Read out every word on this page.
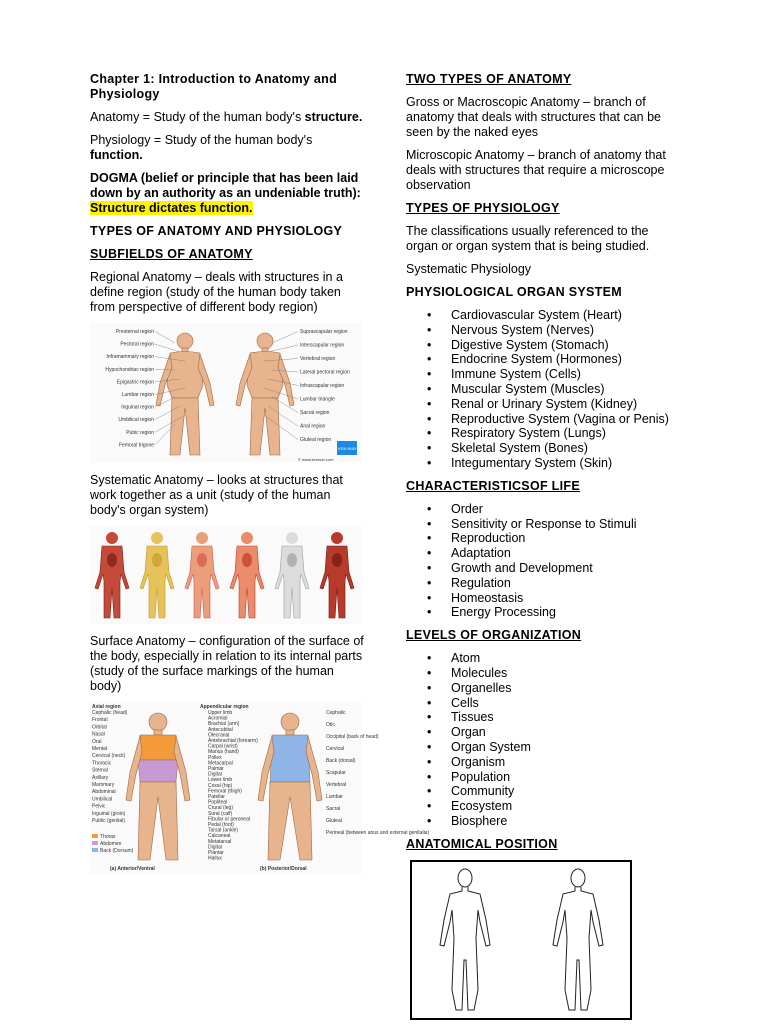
Chapter 1: Introduction to Anatomy and Physiology

Anatomy = Study of the human body's structure.

Physiology = Study of the human body's function.

DOGMA (belief or principle that has been laid down by an authority as an undeniable truth): Structure dictates function.

TYPES OF ANATOMY AND PHYSIOLOGY

SUBFIELDS OF ANATOMY

Regional Anatomy – deals with structures in a define region (study of the human body taken from perspective of different body region)

Presternal region
Pectoral region
Inframammary region
Hypochondriac region
Epigastric region
Lumbar region
Inguinal region
Umbilical region
Pubic region
Femoral trigone
Suprascapular region
Interscapular region
Vertebral region
Lateral pectoral region
Infrascapular region
Lumbar triangle
Sacral region
Anal region
Gluteal region
KEN HUB
© www.kenhub.com

Systematic Anatomy – looks at structures that work together as a unit (study of the human body's organ system)

Surface Anatomy – configuration of the surface of the body, especially in relation to its internal parts (study of the surface markings of the human body)

Axial region	Appendicular region
Cephalic (head)
Frontal
Orbital
Nasal
Oral
Mental
Cervical (neck)
Thoracic
Sternal
Axillary
Mammary
Abdominal
Umbilical
Pelvic
Inguinal (groin)
Public (genital)
Upper limb
Acromial
Brachial (arm)
Antecubital
Olecranal
Antebrachial (forearm)
Carpal (wrist)
Manus (hand)
Pollex
Metacarpal
Palmar
Digital
Lower limb
Coxal (hip)
Femoral (thigh)
Patellar
Popliteal
Crural (leg)
Sural (calf)
Fibular or peroneal
Pedal (foot)
Tarsal (ankle)
Calcaneal
Metatarsal
Digital
Plantar
Hallux
Cephalic
Otic
Occipital (back of head)
Cervical
Back (dorsal)
Scapular
Vertebral
Lumbar
Sacral
Gluteal
Perineal (between anus and external genitalia)
Thorax
Abdomen
Back (Dorsum)
(a) Anterior/Ventral	(b) Posterior/Dorsal

TWO TYPES OF ANATOMY

Gross or Macroscopic Anatomy – branch of anatomy that deals with structures that can be seen by the naked eyes

Microscopic Anatomy – branch of anatomy that deals with structures that require a microscope observation

TYPES OF PHYSIOLOGY

The classifications usually referenced to the organ or organ system that is being studied.

Systematic Physiology

PHYSIOLOGICAL ORGAN SYSTEM

• Cardiovascular System (Heart)
• Nervous System (Nerves)
• Digestive System (Stomach)
• Endocrine System (Hormones)
• Immune System (Cells)
• Muscular System (Muscles)
• Renal or Urinary System (Kidney)
• Reproductive System (Vagina or Penis)
• Respiratory System (Lungs)
• Skeletal System (Bones)
• Integumentary System (Skin)

CHARACTERISTICSOF LIFE

• Order
• Sensitivity or Response to Stimuli
• Reproduction
• Adaptation
• Growth and Development
• Regulation
• Homeostasis
• Energy Processing

LEVELS OF ORGANIZATION

• Atom
• Molecules
• Organelles
• Cells
• Tissues
• Organ
• Organ System
• Organism
• Population
• Community
• Ecosystem
• Biosphere

ANATOMICAL POSITION
